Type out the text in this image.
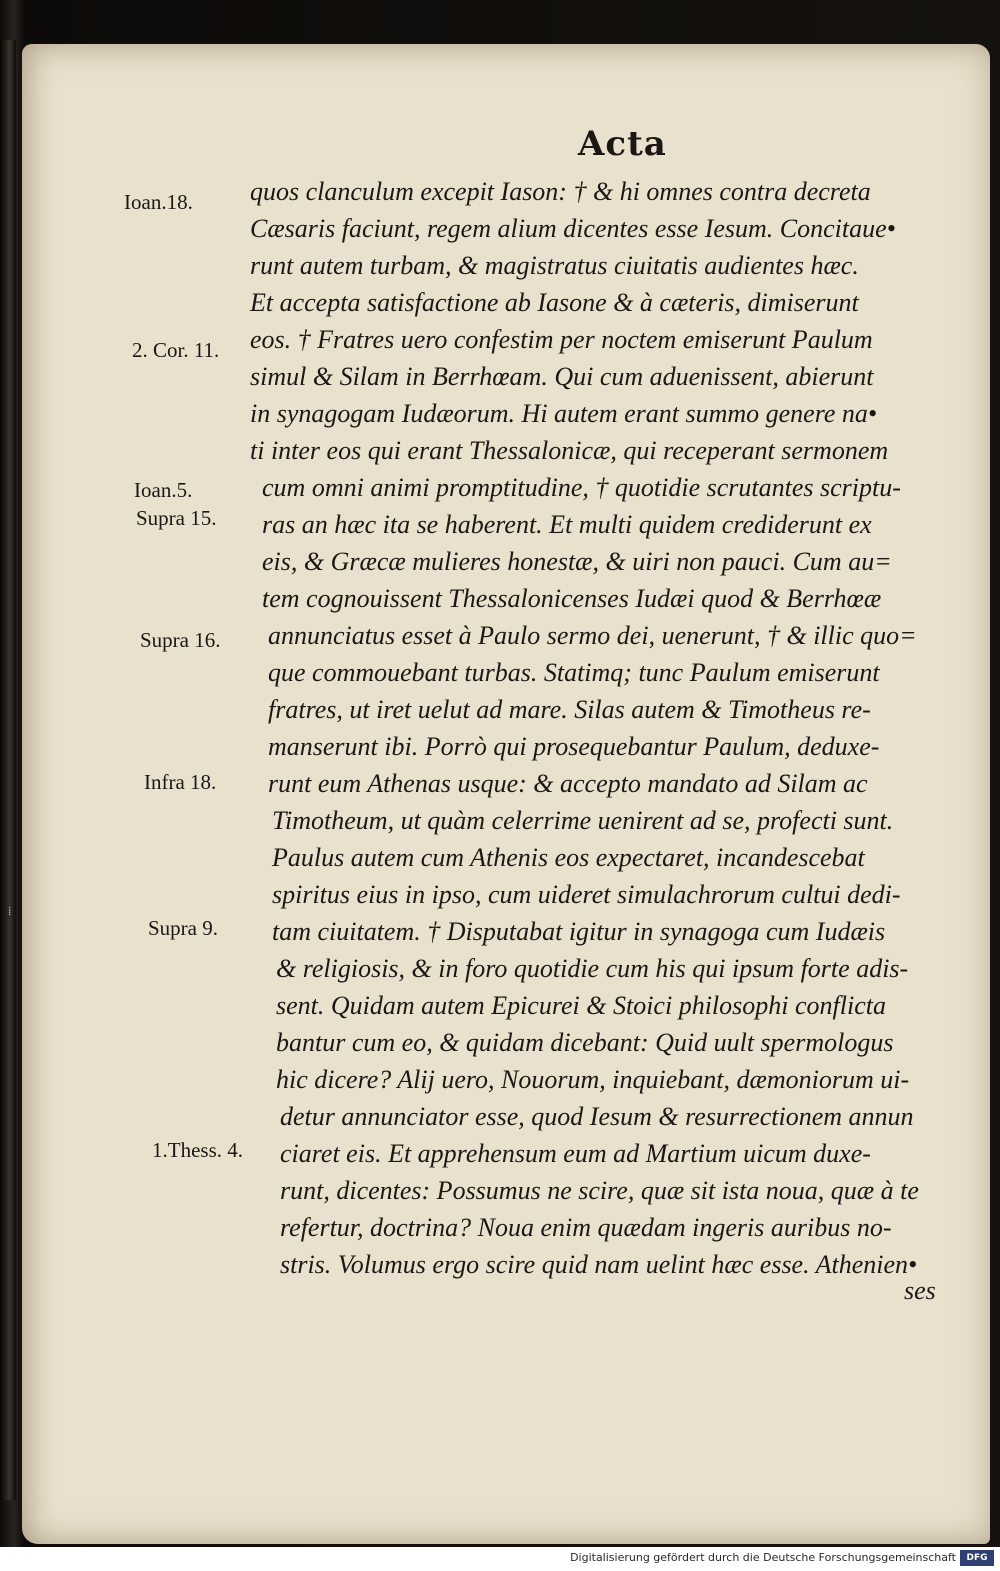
Acta
quos clanculum excepit Iason: † & hi omnes contra decreta
Cæsaris faciunt, regem alium dicentes esse Iesum. Concitaue•
runt autem turbam, & magistratus ciuitatis audientes hæc.
Et accepta satisfactione ab Iasone & à cæteris, dimiserunt
eos. † Fratres uero confestim per noctem emiserunt Paulum
simul & Silam in Berrhœam. Qui cum aduenissent, abierunt
in synagogam Iudæorum. Hi autem erant summo genere na•
ti inter eos qui erant Thessalonicæ, qui receperant sermonem
cum omni animi promptitudine, † quotidie scrutantes scriptu-
ras an hæc ita se haberent. Et multi quidem crediderunt ex
eis, & Græcæ mulieres honestæ, & uiri non pauci. Cum au=
tem cognouissent Thessalonicenses Iudæi quod & Berrhœæ
annunciatus esset à Paulo sermo dei, uenerunt, † & illic quo=
que commouebant turbas. Statimq; tunc Paulum emiserunt
fratres, ut iret uelut ad mare. Silas autem & Timotheus re-
manserunt ibi. Porrò qui prosequebantur Paulum, deduxe-
runt eum Athenas usque: & accepto mandato ad Silam ac
Timotheum, ut quàm celerrime uenirent ad se, profecti sunt.
Paulus autem cum Athenis eos expectaret, incandescebat
spiritus eius in ipso, cum uideret simulachrorum cultui dedi-
tam ciuitatem. † Disputabat igitur in synagoga cum Iudæis
& religiosis, & in foro quotidie cum his qui ipsum forte adis-
sent. Quidam autem Epicurei & Stoici philosophi conflicta
bantur cum eo, & quidam dicebant: Quid uult spermologus
hic dicere? Alij uero, Nouorum, inquiebant, dæmoniorum ui-
detur annunciator esse, quod Iesum & resurrectionem annun
ciaret eis. Et apprehensum eum ad Martium uicum duxe-
runt, dicentes: Possumus ne scire, quæ sit ista noua, quæ à te
refertur, doctrina? Noua enim quædam ingeris auribus no-
stris. Volumus ergo scire quid nam uelint hæc esse. Athenien•
ses
Ioan.18.
2. Cor. 11.
Ioan.5.
Supra 15.
Supra 16.
Infra 18.
Supra 9.
1.Thess. 4.
⁞
Digitalisierung gefördert durch die Deutsche Forschungsgemeinschaft	DFG
